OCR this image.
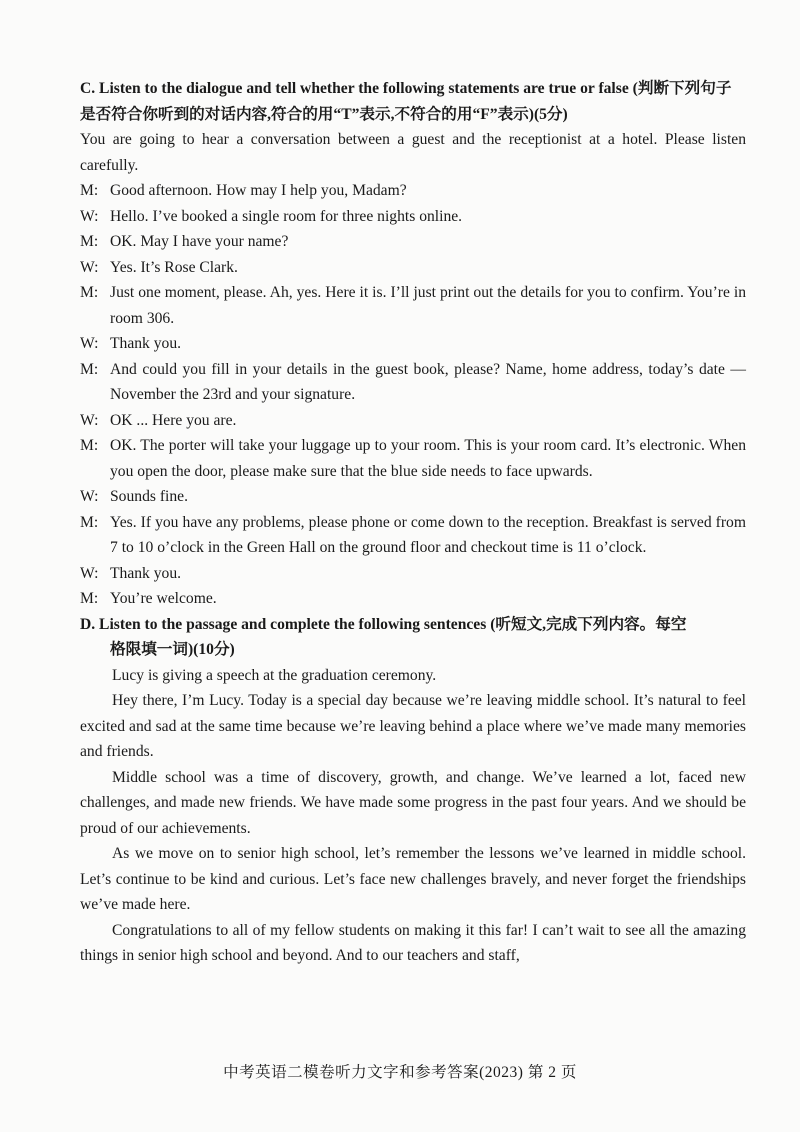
C. Listen to the dialogue and tell whether the following statements are true or false (判断下列句子是否符合你听到的对话内容,符合的用“T”表示,不符合的用“F”表示)(5分)

You are going to hear a conversation between a guest and the receptionist at a hotel. Please listen carefully.

M: Good afternoon. How may I help you, Madam?
W: Hello. I’ve booked a single room for three nights online.
M: OK. May I have your name?
W: Yes. It’s Rose Clark.
M: Just one moment, please. Ah, yes. Here it is. I’ll just print out the details for you to confirm. You’re in room 306.
W: Thank you.
M: And could you fill in your details in the guest book, please? Name, home address, today’s date — November the 23rd and your signature.
W: OK ... Here you are.
M: OK. The porter will take your luggage up to your room. This is your room card. It’s electronic. When you open the door, please make sure that the blue side needs to face upwards.
W: Sounds fine.
M: Yes. If you have any problems, please phone or come down to the reception. Breakfast is served from 7 to 10 o’clock in the Green Hall on the ground floor and checkout time is 11 o’clock.
W: Thank you.
M: You’re welcome.

D. Listen to the passage and complete the following sentences (听短文,完成下列内容。每空
格限填一词)(10分)

Lucy is giving a speech at the graduation ceremony.

Hey there, I’m Lucy. Today is a special day because we’re leaving middle school. It’s natural to feel excited and sad at the same time because we’re leaving behind a place where we’ve made many memories and friends.

Middle school was a time of discovery, growth, and change. We’ve learned a lot, faced new challenges, and made new friends. We have made some progress in the past four years. And we should be proud of our achievements.

As we move on to senior high school, let’s remember the lessons we’ve learned in middle school. Let’s continue to be kind and curious. Let’s face new challenges bravely, and never forget the friendships we’ve made here.

Congratulations to all of my fellow students on making it this far! I can’t wait to see all the amazing things in senior high school and beyond. And to our teachers and staff,

中考英语二模卷听力文字和参考答案(2023) 第 2 页
